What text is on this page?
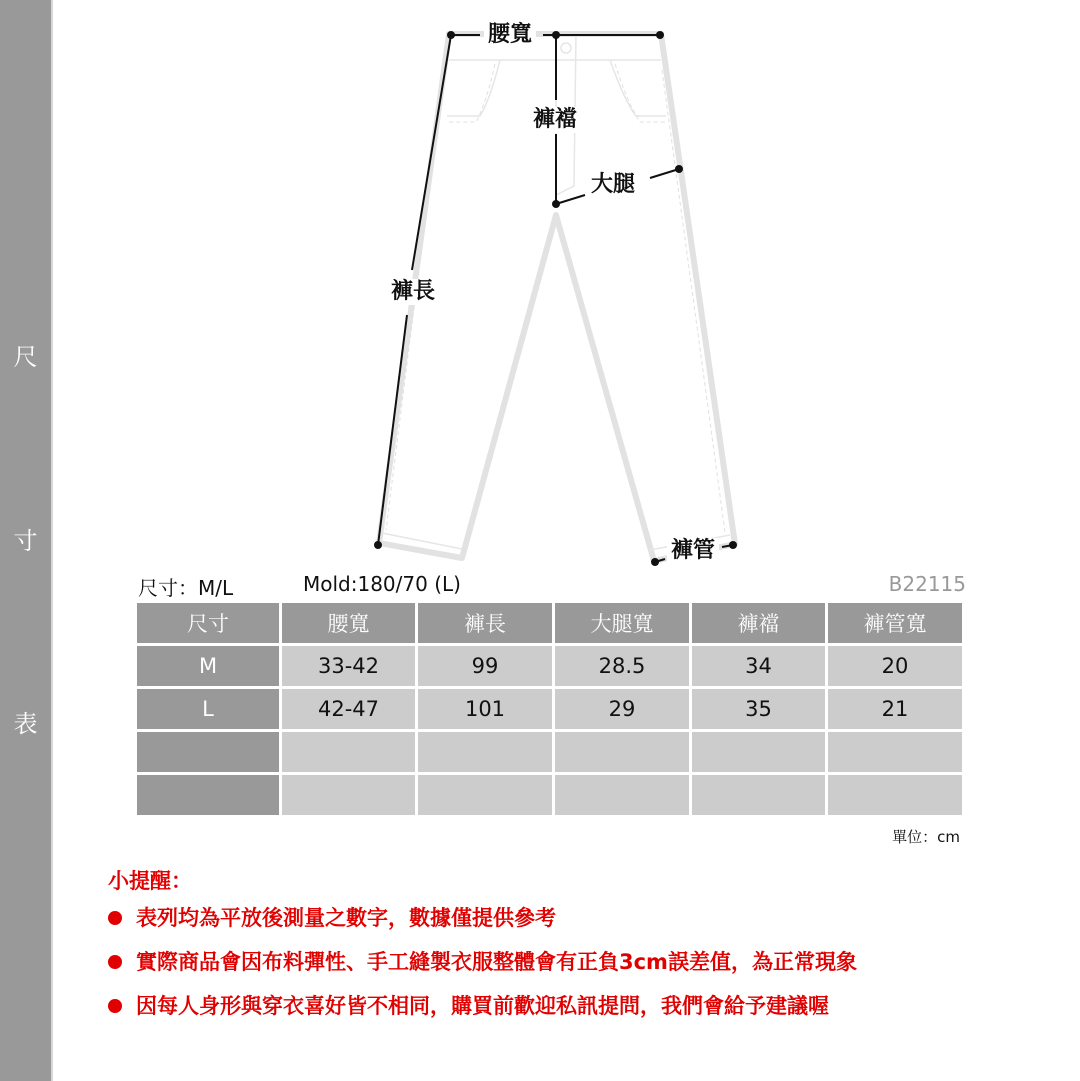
尺
寸
表
腰寬
褲襠
大腿
褲長
褲管
尺寸：M/L	Mold:180/70 (L)	B22115
尺寸	腰寬	褲長	大腿寬	褲襠	褲管寬
M	33-42	99	28.5	34	20
L	42-47	101	29	35	21

單位：cm
小提醒：
表列均為平放後測量之數字，數據僅提供參考
實際商品會因布料彈性、手工縫製衣服整體會有正負3cm誤差值，為正常現象
因每人身形與穿衣喜好皆不相同，購買前歡迎私訊提問，我們會給予建議喔
